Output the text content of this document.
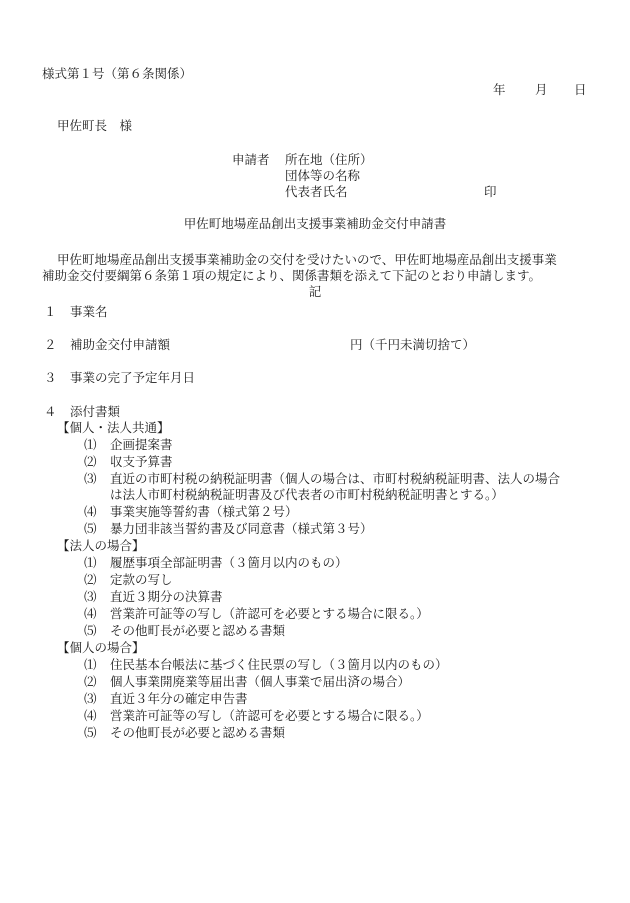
様式第１号（第６条関係）
年 月 日
甲佐町長　様
申請者 所在地（住所）
団体等の名称
代表者氏名	印
甲佐町地場産品創出支援事業補助金交付申請書
甲佐町地場産品創出支援事業補助金の交付を受けたいので、甲佐町地場産品創出支援事業
補助金交付要綱第６条第１項の規定により、関係書類を添えて下記のとおり申請します。
記
１ 事業名
２ 補助金交付申請額	円（千円未満切捨て）
３ 事業の完了予定年月日
４ 添付書類
【個人・法人共通】
⑴ 企画提案書
⑵ 収支予算書
⑶ 直近の市町村税の納税証明書（個人の場合は、市町村税納税証明書、法人の場合
は法人市町村税納税証明書及び代表者の市町村税納税証明書とする。）
⑷ 事業実施等誓約書（様式第２号）
⑸ 暴力団非該当誓約書及び同意書（様式第３号）
【法人の場合】
⑴ 履歴事項全部証明書（３箇月以内のもの）
⑵ 定款の写し
⑶ 直近３期分の決算書
⑷ 営業許可証等の写し（許認可を必要とする場合に限る。）
⑸ その他町長が必要と認める書類
【個人の場合】
⑴ 住民基本台帳法に基づく住民票の写し（３箇月以内のもの）
⑵ 個人事業開廃業等届出書（個人事業で届出済の場合）
⑶ 直近３年分の確定申告書
⑷ 営業許可証等の写し（許認可を必要とする場合に限る。）
⑸ その他町長が必要と認める書類
